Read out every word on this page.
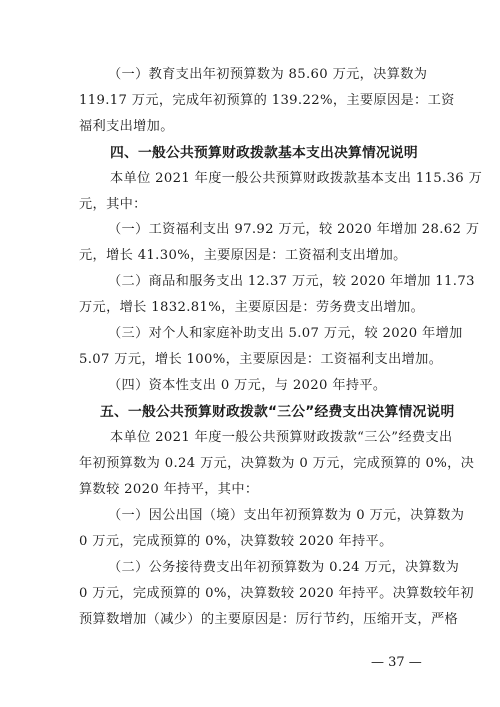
（一）教育支出年初预算数为 85.60 万元，决算数为
119.17 万元，完成年初预算的 139.22%，主要原因是：工资
福利支出增加。
四、一般公共预算财政拨款基本支出决算情况说明
本单位 2021 年度一般公共预算财政拨款基本支出 115.36 万
元，其中：
（一）工资福利支出 97.92 万元，较 2020 年增加 28.62 万
元，增长 41.30%，主要原因是：工资福利支出增加。
（二）商品和服务支出 12.37 万元，较 2020 年增加 11.73
万元，增长 1832.81%，主要原因是：劳务费支出增加。
（三）对个人和家庭补助支出 5.07 万元，较 2020 年增加
5.07 万元，增长 100%，主要原因是：工资福利支出增加。
（四）资本性支出 0 万元，与 2020 年持平。
五、一般公共预算财政拨款“三公”经费支出决算情况说明
本单位 2021 年度一般公共预算财政拨款“三公”经费支出
年初预算数为 0.24 万元，决算数为 0 万元，完成预算的 0%，决
算数较 2020 年持平，其中：
（一）因公出国（境）支出年初预算数为 0 万元，决算数为
0 万元，完成预算的 0%，决算数较 2020 年持平。
（二）公务接待费支出年初预算数为 0.24 万元，决算数为
0 万元，完成预算的 0%，决算数较 2020 年持平。决算数较年初
预算数增加（减少）的主要原因是：厉行节约，压缩开支，严格
— 37 —
